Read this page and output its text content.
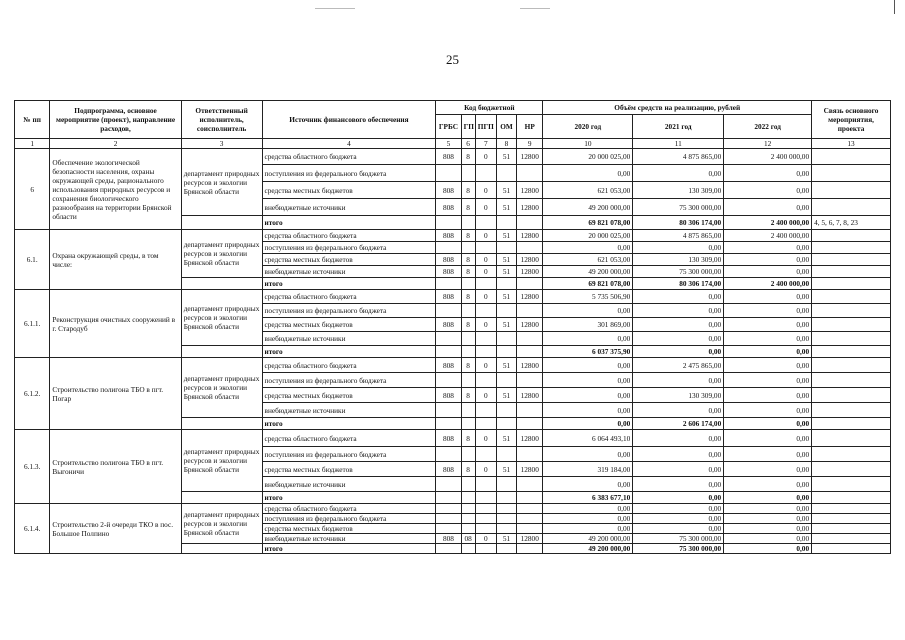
25
№ пп	Подпрограмма, основное мероприятие (проект), направление расходов,	Ответственный исполнитель, соисполнитель	Источник финансового обеспечения	Код бюджетной					Объём средств на реализацию, рублей			Связь основного мероприятия, проекта
				ГРБС	ГП	ПГП	ОМ	НР	2020 год	2021 год	2022 год	
1	2	3	4	5	6	7	8	9	10	11	12	13
6	Обеспечение экологической безопасности населения, охраны окружающей среды, рационального использования природных ресурсов и сохранения биологического разнообразия на территории Брянской области	департамент природных ресурсов и экологии Брянской области	средства областного бюджета	808	8	0	51	12800	20 000 025,00	4 875 865,00	2 400 000,00	
			поступления из федерального бюджета						0,00	0,00	0,00	
			средства местных бюджетов	808	8	0	51	12800	621 053,00	130 309,00	0,00	
			внебюджетные источники	808	8	0	51	12800	49 200 000,00	75 300 000,00	0,00	
			итого						69 821 078,00	80 306 174,00	2 400 000,00	4, 5, 6, 7, 8, 23
6.1.	Охрана окружающей среды, в том числе:	департамент природных ресурсов и экологии Брянской области	средства областного бюджета	808	8	0	51	12800	20 000 025,00	4 875 865,00	2 400 000,00	
			поступления из федерального бюджета						0,00	0,00	0,00	
			средства местных бюджетов	808	8	0	51	12800	621 053,00	130 309,00	0,00	
			внебюджетные источники	808	8	0	51	12800	49 200 000,00	75 300 000,00	0,00	
			итого						69 821 078,00	80 306 174,00	2 400 000,00	
6.1.1.	Реконструкция очистных сооружений в г. Стародуб	департамент природных ресурсов и экологии Брянской области	средства областного бюджета	808	8	0	51	12800	5 735 506,90	0,00	0,00	
			поступления из федерального бюджета						0,00	0,00	0,00	
			средства местных бюджетов	808	8	0	51	12800	301 869,00	0,00	0,00	
			внебюджетные источники						0,00	0,00	0,00	
			итого						6 037 375,90	0,00	0,00	
6.1.2.	Строительство полигона ТБО в пгт. Погар	департамент природных ресурсов и экологии Брянской области	средства областного бюджета	808	8	0	51	12800	0,00	2 475 865,00	0,00	
			поступления из федерального бюджета						0,00	0,00	0,00	
			средства местных бюджетов	808	8	0	51	12800	0,00	130 309,00	0,00	
			внебюджетные источники						0,00	0,00	0,00	
			итого						0,00	2 606 174,00	0,00	
6.1.3.	Строительство полигона ТБО в пгт. Выгоничи	департамент природных ресурсов и экологии Брянской области	средства областного бюджета	808	8	0	51	12800	6 064 493,10	0,00	0,00	
			поступления из федерального бюджета						0,00	0,00	0,00	
			средства местных бюджетов	808	8	0	51	12800	319 184,00	0,00	0,00	
			внебюджетные источники						0,00	0,00	0,00	
			итого						6 383 677,10	0,00	0,00	
6.1.4.	Строительство 2-й очереди ТКО в пос. Большое Полпино	департамент природных ресурсов и экологии Брянской области	средства областного бюджета						0,00	0,00	0,00	
			поступления из федерального бюджета						0,00	0,00	0,00	
			средства местных бюджетов						0,00	0,00	0,00	
			внебюджетные источники	808	08	0	51	12800	49 200 000,00	75 300 000,00	0,00	
			итого						49 200 000,00	75 300 000,00	0,00	
